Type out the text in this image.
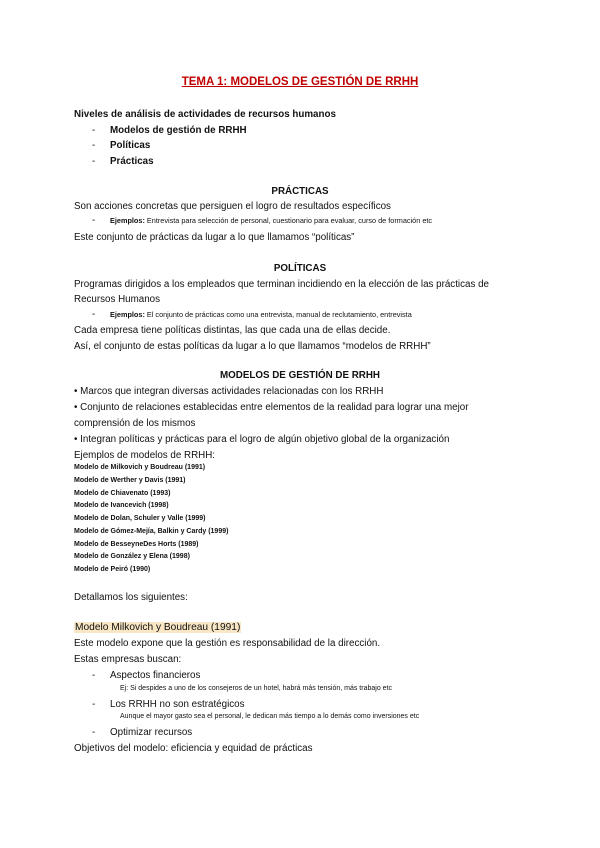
TEMA 1: MODELOS DE GESTIÓN DE RRHH
Niveles de análisis de actividades de recursos humanos
- Modelos de gestión de RRHH
- Políticas
- Prácticas
PRÁCTICAS
Son acciones concretas que persiguen el logro de resultados específicos
- Ejemplos: Entrevista para selección de personal, cuestionario para evaluar, curso de formación etc
Este conjunto de prácticas da lugar a lo que llamamos “políticas”
POLÍTICAS
Programas dirigidos a los empleados que terminan incidiendo en la elección de las prácticas de
Recursos Humanos
- Ejemplos: El conjunto de prácticas como una entrevista, manual de reclutamiento, entrevista
Cada empresa tiene políticas distintas, las que cada una de ellas decide.
Así, el conjunto de estas políticas da lugar a lo que llamamos “modelos de RRHH”
MODELOS DE GESTIÓN DE RRHH
• Marcos que integran diversas actividades relacionadas con los RRHH
• Conjunto de relaciones establecidas entre elementos de la realidad para lograr una mejor
comprensión de los mismos
• Integran políticas y prácticas para el logro de algún objetivo global de la organización
Ejemplos de modelos de RRHH:
Modelo de Milkovich y Boudreau (1991)
Modelo de Werther y Davis (1991)
Modelo de Chiavenato (1993)
Modelo de Ivancevich (1998)
Modelo de Dolan, Schuler y Valle (1999)
Modelo de Gómez-Mejía, Balkin y Cardy (1999)
Modelo de BesseyneDes Horts (1989)
Modelo de González y Elena (1998)
Modelo de Peiró (1990)
Detallamos los siguientes:
Modelo Milkovich y Boudreau (1991)
Este modelo expone que la gestión es responsabilidad de la dirección.
Estas empresas buscan:
- Aspectos financieros
Ej: Si despides a uno de los consejeros de un hotel, habrá más tensión, más trabajo etc
- Los RRHH no son estratégicos
Aunque el mayor gasto sea el personal, le dedican más tiempo a lo demás como inversiones etc
- Optimizar recursos
Objetivos del modelo: eficiencia y equidad de prácticas
